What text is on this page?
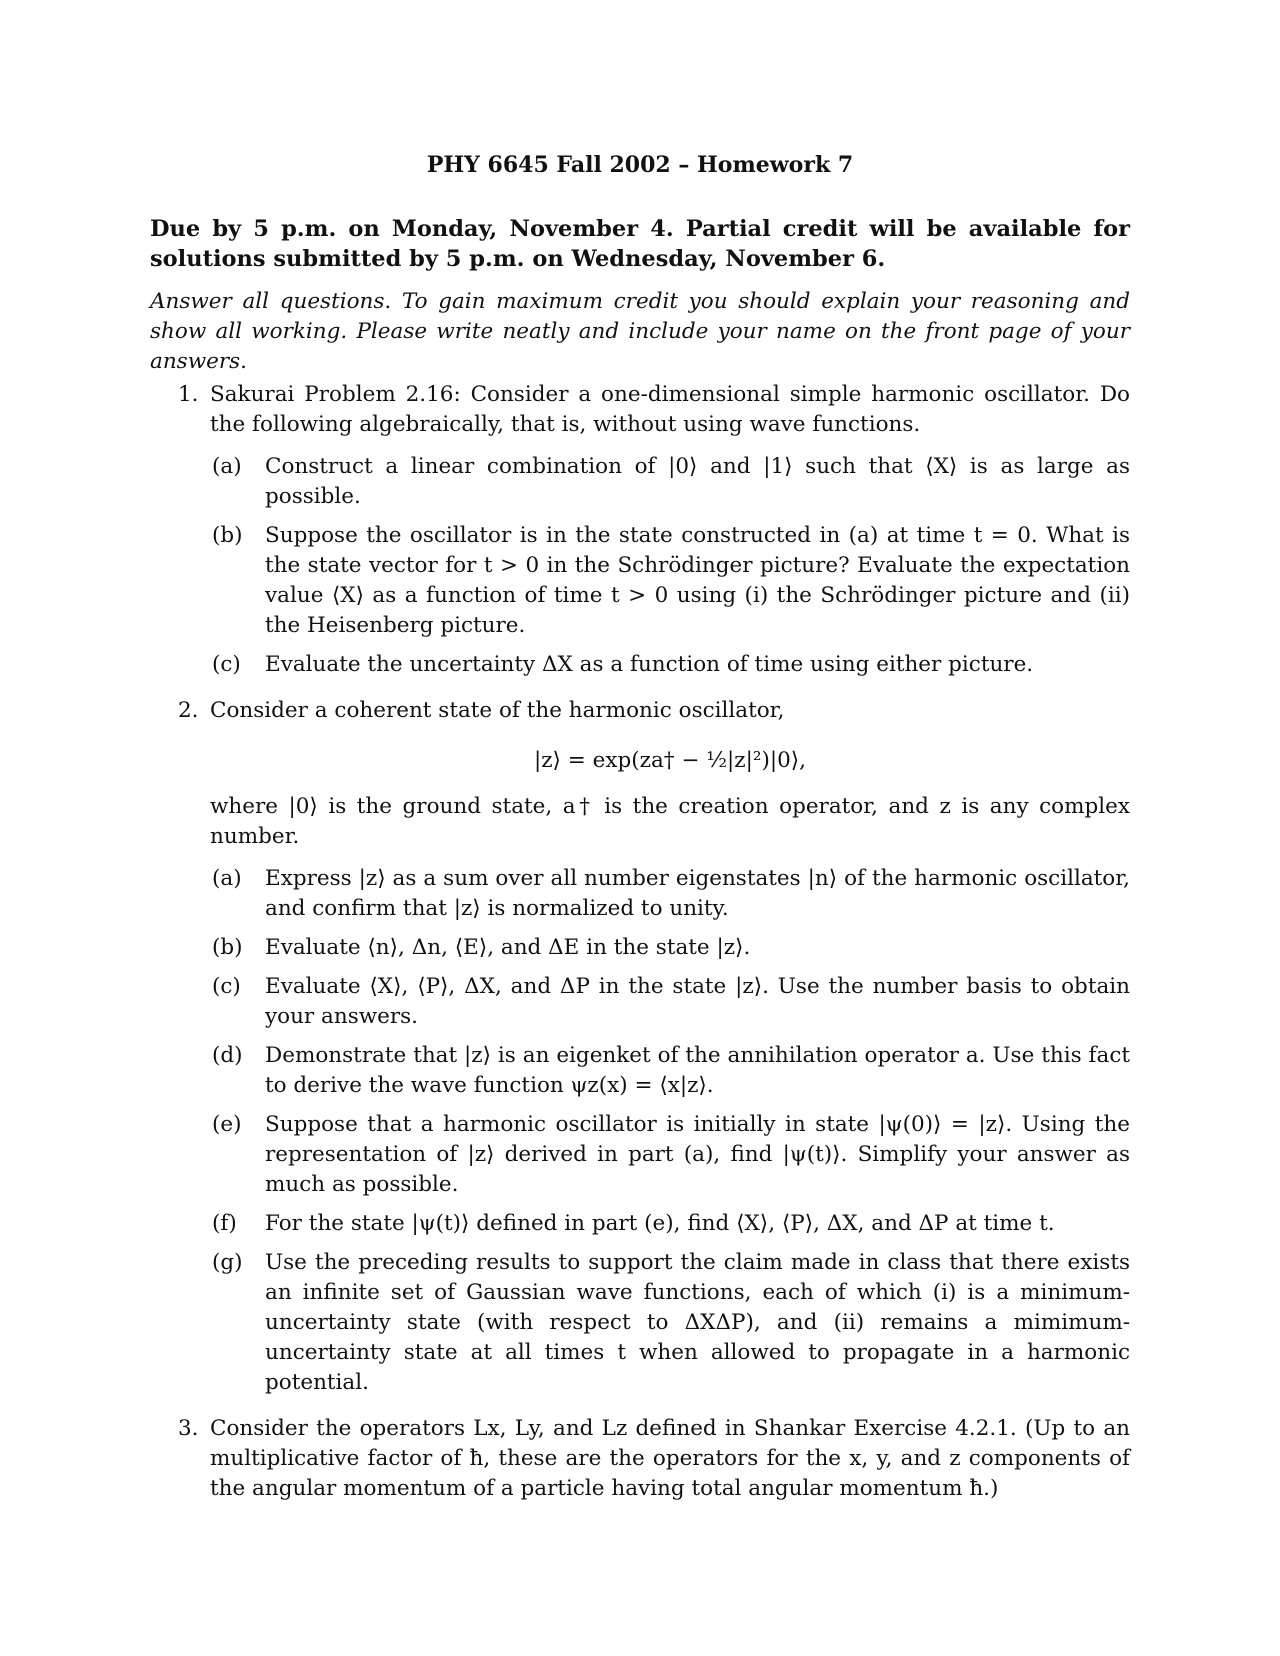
PHY 6645 Fall 2002 – Homework 7
Due by 5 p.m. on Monday, November 4. Partial credit will be available for solutions submitted by 5 p.m. on Wednesday, November 6.
Answer all questions. To gain maximum credit you should explain your reasoning and show all working. Please write neatly and include your name on the front page of your answers.
1. Sakurai Problem 2.16: Consider a one-dimensional simple harmonic oscillator. Do the following algebraically, that is, without using wave functions.
(a) Construct a linear combination of |0⟩ and |1⟩ such that ⟨X⟩ is as large as possible.
(b) Suppose the oscillator is in the state constructed in (a) at time t = 0. What is the state vector for t > 0 in the Schrödinger picture? Evaluate the expectation value ⟨X⟩ as a function of time t > 0 using (i) the Schrödinger picture and (ii) the Heisenberg picture.
(c) Evaluate the uncertainty ΔX as a function of time using either picture.
2. Consider a coherent state of the harmonic oscillator,
|z⟩ = exp(za† − ½|z|²)|0⟩,
where |0⟩ is the ground state, a† is the creation operator, and z is any complex number.
(a) Express |z⟩ as a sum over all number eigenstates |n⟩ of the harmonic oscillator, and confirm that |z⟩ is normalized to unity.
(b) Evaluate ⟨n⟩, Δn, ⟨E⟩, and ΔE in the state |z⟩.
(c) Evaluate ⟨X⟩, ⟨P⟩, ΔX, and ΔP in the state |z⟩. Use the number basis to obtain your answers.
(d) Demonstrate that |z⟩ is an eigenket of the annihilation operator a. Use this fact to derive the wave function ψz(x) = ⟨x|z⟩.
(e) Suppose that a harmonic oscillator is initially in state |ψ(0)⟩ = |z⟩. Using the representation of |z⟩ derived in part (a), find |ψ(t)⟩. Simplify your answer as much as possible.
(f) For the state |ψ(t)⟩ defined in part (e), find ⟨X⟩, ⟨P⟩, ΔX, and ΔP at time t.
(g) Use the preceding results to support the claim made in class that there exists an infinite set of Gaussian wave functions, each of which (i) is a minimum- uncertainty state (with respect to ΔXΔP), and (ii) remains a mimimum-uncertainty state at all times t when allowed to propagate in a harmonic potential.
3. Consider the operators Lx, Ly, and Lz defined in Shankar Exercise 4.2.1. (Up to an multiplicative factor of ħ, these are the operators for the x, y, and z components of the angular momentum of a particle having total angular momentum ħ.)
